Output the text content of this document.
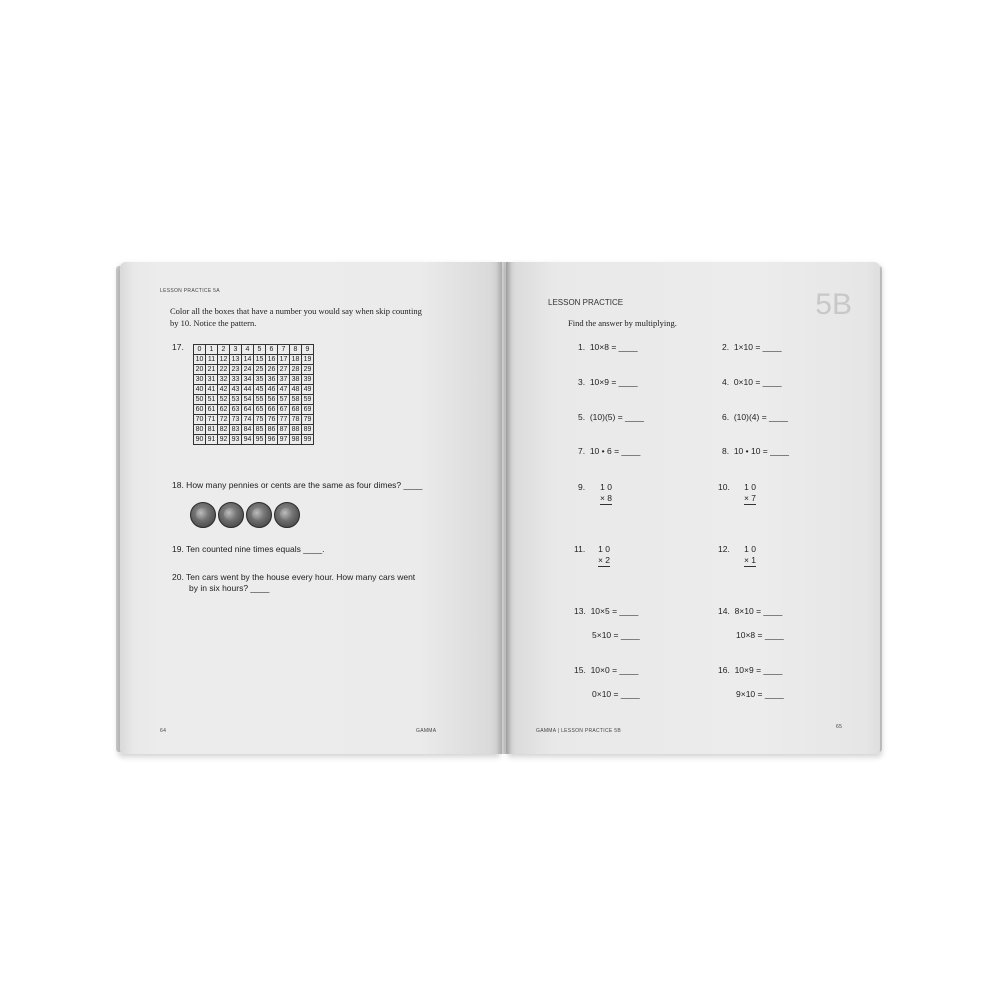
LESSON PRACTICE 5A
Color all the boxes that have a number you would say when skip counting
by 10. Notice the pattern.
17. 0	1	2	3	4	5	6	7	8	9
10	11	12	13	14	15	16	17	18	19
20	21	22	23	24	25	26	27	28	29
30	31	32	33	34	35	36	37	38	39
40	41	42	43	44	45	46	47	48	49
50	51	52	53	54	55	56	57	58	59
60	61	62	63	64	65	66	67	68	69
70	71	72	73	74	75	76	77	78	79
80	81	82	83	84	85	86	87	88	89
90	91	92	93	94	95	96	97	98	99
18. How many pennies or cents are the same as four dimes? ____
19. Ten counted nine times equals ____.
20. Ten cars went by the house every hour. How many cars went
by in six hours? ____
64	GAMMA
LESSON PRACTICE	5B
Find the answer by multiplying.
1. 10×8 = ____	2. 1×10 = ____
3. 10×9 = ____	4. 0×10 = ____
5. (10)(5) = ____	6. (10)(4) = ____
7. 10 • 6 = ____	8. 10 • 10 = ____
9.	1 0
× 8
10.	1 0
× 7
11.	1 0
× 2
12.	1 0
× 1
13. 10×5 = ____
5×10 = ____
14. 8×10 = ____
10×8 = ____
15. 10×0 = ____
0×10 = ____
16. 10×9 = ____
9×10 = ____
GAMMA | LESSON PRACTICE 5B
65
